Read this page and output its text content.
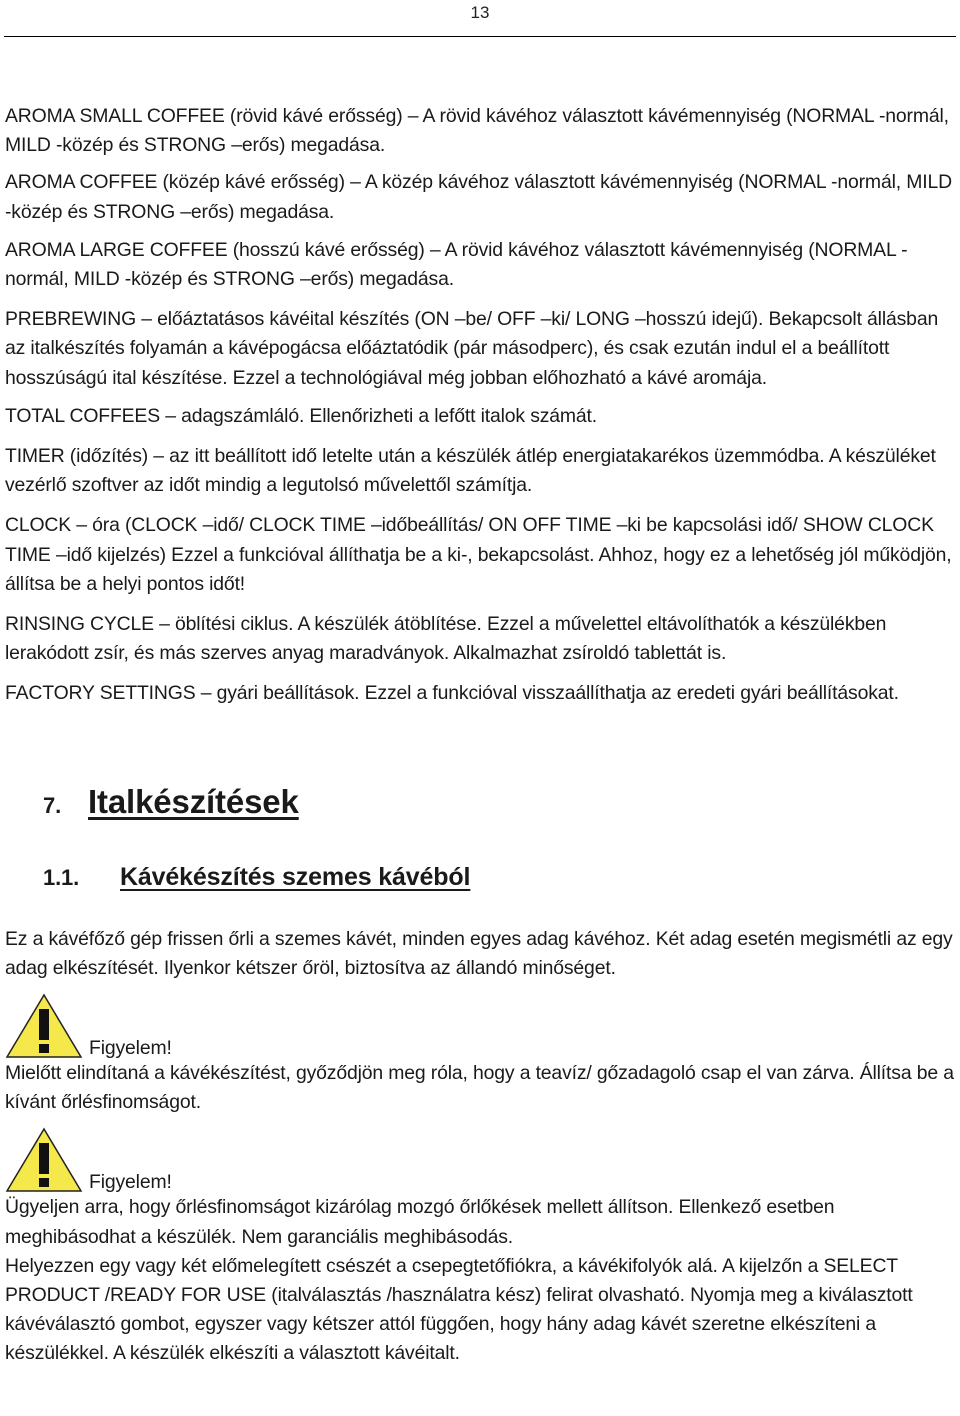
13

AROMA SMALL COFFEE (rövid kávé erősség) – A rövid kávéhoz választott kávémennyiség (NORMAL -normál, MILD -közép és STRONG –erős) megadása.

AROMA COFFEE (közép kávé erősség) – A közép kávéhoz választott kávémennyiség (NORMAL -normál, MILD -közép és STRONG –erős) megadása.

AROMA LARGE COFFEE (hosszú kávé erősség) – A rövid kávéhoz választott kávémennyiség (NORMAL -normál, MILD -közép és STRONG –erős) megadása.

PREBREWING – előáztatásos kávéital készítés (ON –be/ OFF –ki/ LONG –hosszú idejű). Bekapcsolt állásban az italkészítés folyamán a kávépogácsa előáztatódik (pár másodperc), és csak ezután indul el a beállított hosszúságú ital készítése. Ezzel a technológiával még jobban előhozható a kávé aromája.

TOTAL COFFEES – adagszámláló. Ellenőrizheti a lefőtt italok számát.

TIMER (időzítés) – az itt beállított idő letelte után a készülék átlép energiatakarékos üzemmódba. A készüléket vezérlő szoftver az időt mindig a legutolsó művelettől számítja.

CLOCK – óra (CLOCK –idő/ CLOCK TIME –időbeállítás/ ON OFF TIME –ki be kapcsolási idő/ SHOW CLOCK TIME –idő kijelzés) Ezzel a funkcióval állíthatja be a ki-, bekapcsolást. Ahhoz, hogy ez a lehetőség jól működjön, állítsa be a helyi pontos időt!

RINSING CYCLE – öblítési ciklus. A készülék átöblítése. Ezzel a művelettel eltávolíthatók a készülékben lerakódott zsír, és más szerves anyag maradványok. Alkalmazhat zsíroldó tablettát is.

FACTORY SETTINGS – gyári beállítások. Ezzel a funkcióval visszaállíthatja az eredeti gyári beállításokat.

7. Italkészítések
1.1.	Kávékészítés szemes kávéból

Ez a kávéfőző gép frissen őrli a szemes kávét, minden egyes adag kávéhoz. Két adag esetén megismétli az egy adag elkészítését. Ilyenkor kétszer őröl, biztosítva az állandó minőséget.

Figyelem!

Mielőtt elindítaná a kávékészítést, győződjön meg róla, hogy a teavíz/ gőzadagoló csap el van zárva. Állítsa be a kívánt őrlésfinomságot.

Figyelem!

Ügyeljen arra, hogy őrlésfinomságot kizárólag mozgó őrlőkések mellett állítson. Ellenkező esetben meghibásodhat a készülék. Nem garanciális meghibásodás.

Helyezzen egy vagy két előmelegített csészét a csepegtetőfiókra, a kávékifolyók alá. A kijelzőn a SELECT PRODUCT /READY FOR USE (italválasztás /használatra kész) felirat olvasható. Nyomja meg a kiválasztott kávéválasztó gombot, egyszer vagy kétszer attól függően, hogy hány adag kávét szeretne elkészíteni a készülékkel. A készülék elkészíti a választott kávéitalt.
